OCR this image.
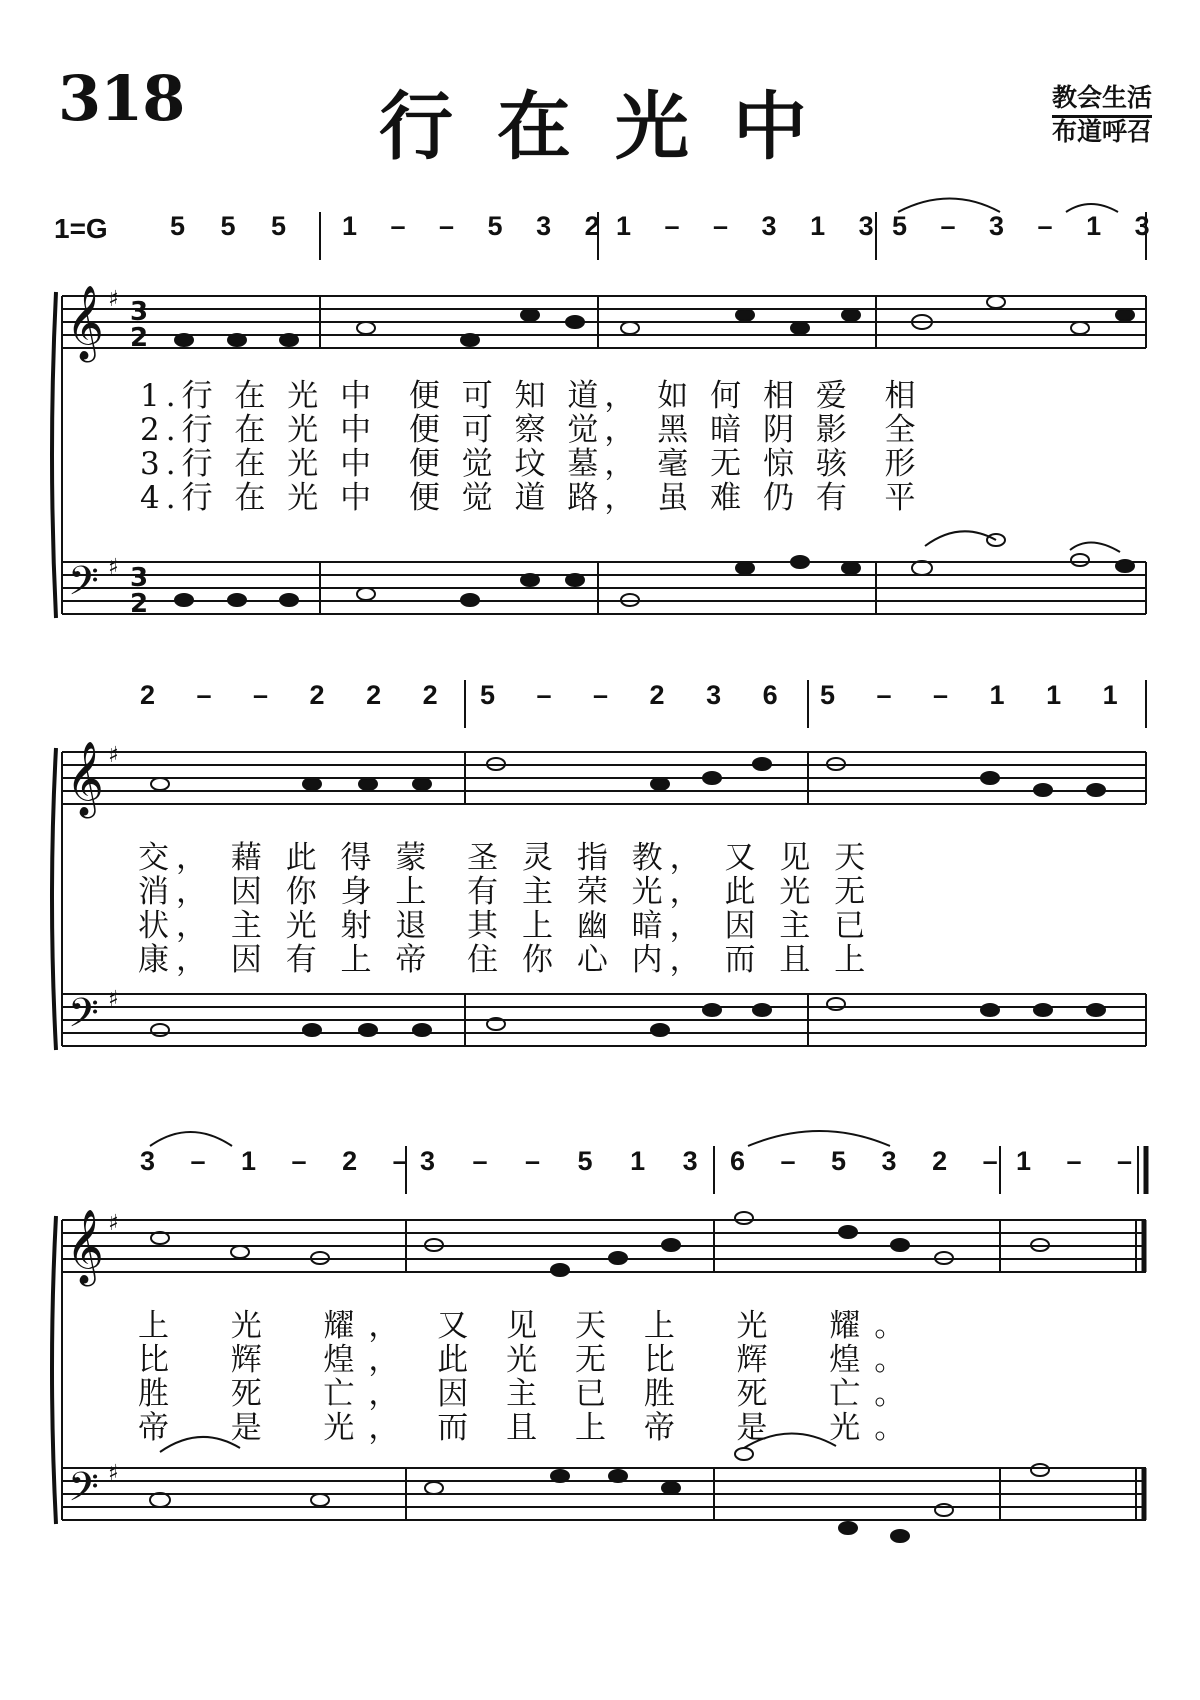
318	行在光中	教会生活
布道呼召
1=G 5 5 5 1 – – 5 3 2 1 – – 3 1 3 5 – 3 – 1 3
2 – – 2 2 2 5 – – 2 3 6 5 – – 1 1 1
3 – 1 – 2 –
3 – – 5 1 3 6 – 5 3 2 – 1 – –
1.行 在 光 中  便 可 知 道， 如 何 相 爱  相
2.行 在 光 中  便 可 察 觉， 黑 暗 阴 影  全
3.行 在 光 中  便 觉 坟 墓， 毫 无 惊 骇  形
4.行 在 光 中  便 觉 道 路， 虽 难 仍 有  平
交， 藉 此 得 蒙  圣 灵 指 教， 又 见 天
消， 因 你 身 上  有 主 荣 光， 此 光 无
状， 主 光 射 退  其 上 幽 暗， 因 主 已
康， 因 有 上 帝  住 你 心 内， 而 且 上
上  光  耀， 又 见 天 上  光  耀。
比  辉  煌， 此 光 无 比  辉  煌。
胜  死  亡， 因 主 已 胜  死  亡。
帝  是  光， 而 且 上 帝  是  光。
𝄞
𝄢
𝄞
𝄢
𝄞
𝄢
♯
♯
♯
♯
♯
♯
3
2
3
2
